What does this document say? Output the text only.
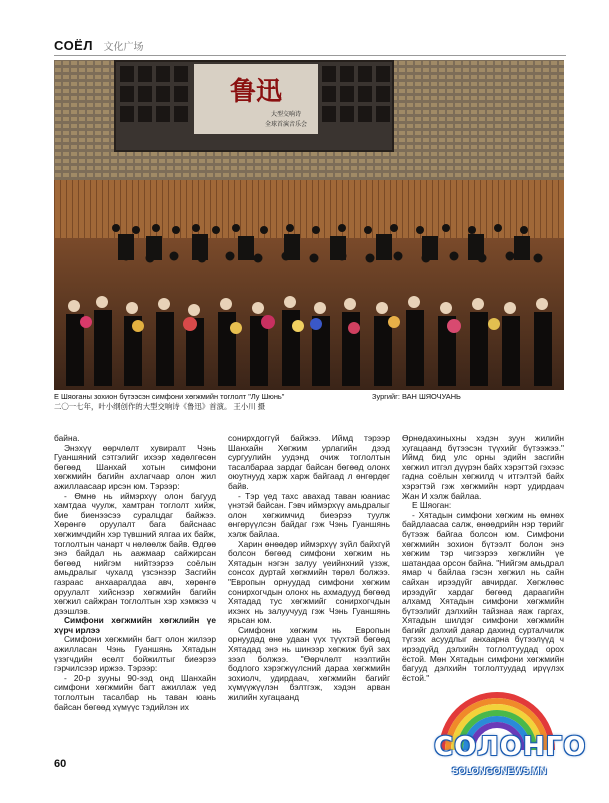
СОЁЛ 文化广场
鲁迅
大型交响诗
全球首演音乐会
Е Шяоганы зохион бүтээсэн симфони хөгжмийн тоглолт "Лу Шюнь"	Зургийг: ВАН ШЯОЧУАНЬ
二〇一七年，叶小纲创作的大型交响诗《鲁迅》首演。 王小川 摄

байна.

Энэхүү өөрчлөлт хувиралт Чэнь Гуаншяний сэтгэлийг ихээр хөдөлгөсөн бөгөөд Шанхай хотын симфони хөгжмийн багийн ахлагчаар олон жил ажиллаасаар ирсэн юм. Тэрээр:

- Өмнө нь иймэрхүү олон багууд хамтдаа чуулж, хамтран тоглолт хийж, бие биенээсээ суралцдаг байжээ. Хөрөнгө оруулалт бага байснаас хөгжимчдийн хэр түвшний ялгаа их байж, тоглолтын чанарт ч нөлөөлж байв. Өдгөө энэ байдал нь аажмаар сайжирсан бөгөөд нийгэм нийтээрээ соёлын амьдралыг чухалд үзсэнээр Засгийн газраас анхааралдаа авч, хөрөнгө оруулалт хийснээр хөгжмийн багийн хөгжил сайжран тоглолтын хэр хэмжээ ч дээшлэв.

Симфони хөгжмийн хөгжлийн үе хүрч ирлээ

Симфони хөгжмийн багт олон жилээр ажилласан Чэнь Гуаншянь Хятадын үзэгчдийн өсөлт бойжилтыг биеэрээ гэрчилсээр иржээ. Тэрээр:

- 20-р зууны 90-ээд онд Шанхайн симфони хөгжмийн багт ажиллаж үед тоглолтын тасалбар нь таван юань байсан бөгөөд хүмүүс тэдийлэн их

сонирхдоггүй байжээ. Иймд тэрээр Шанхайн Хөгжим урлагийн дээд сургуулийн уудэнд очиж тоглолтын тасалбараа зардаг байсан бөгөөд олонх оюутнууд харж харж байгаад л өнгөрдөг байв.

- Тэр үед таxс аваxад таван юаниас үнэтэй байсан. Гэвч иймэрхүү амьдралыг олон хөгжимчид биеэрээ туулж өнгөрүүлсэн байдаг гэж Чэнь Гуаншянь хэлж байлаа.

Харин өнөөдөр иймэрхүү зүйл байхгүй болсон бөгөөд симфони хөгжим нь Хятадын нэгэн залуу үеийнхний үзэж, сонсох дуртай хөгжмийн төрөл болжээ. "Европын орнуудад симфони хөгжим сонирхогчдын олонх нь ахмадууд бөгөөд Хятадад тус хөгжмийг сонирхогчдын ихэнх нь залуучууд гэж Чэнь Гуаншянь ярьсан юм.

Симфони хөгжим нь Европын орнуудад өнө удаан үүх түүхтэй бөгөөд Хятадад энэ нь шинээр хөгжиж буй зах зээл болжээ. "Өөрчлөлт нээлтийн бодлого хэрэгжүүлсний дараа хөгжмийн зохиолч, удирдаач, хөгжмийн багийг хүмүүжүүлэн бэлтгэж, хэдэн арван жилийн хугацаанд

Өрнөдахиныхны хэдэн зуун жилийн хугацаанд бүтээсэн түүхийг бүтээжээ." Иймд бид улс орны эдийн засгийн хөгжил итгэл дүүрэн байх хэрэгтэй гэхээс гадна соёлын хөгжилд ч итгэлтэй байх хэрэгтэй гэж хөгжмийн нэрт удирдаач Жан И хэлж байлаа.

Е Шяоган:

- Хятадын симфони хөгжим нь өмнөх байдлаасаа салж, өнөөдрийн нэр төрийг бүтээж байгаа болсон юм. Симфони хөгжмийн зохион бүтээлт болон энэ хөгжим тэр чигээрээ хөгжлийн үе шатандаа орсон байна. "Нийгэм амьдрал ямар ч байлаа гэсэн хөгжил нь сайн сайхан ирээдүйг авчирдаг. Хөгжлөөс ирээдүйг хардаг бөгөөд дараагийн алхамд Хятадын симфони хөгжмийн бүтээлийг дэлхийн тайзнаа яаж гаргах, Хятадын шилдэг симфони хөгжмийн багийг дэлхий даяар дахинд сурталчилж түгээх асуудлыг анхаарна бүтээлүүд ч ирээдүйд дэлхийн тоглолтуудад орох ёстой. Мөн Хятадын симфони хөгжмийн багууд дэлхийн тоглолтуудад ирүүлэх ёстой."

60
СОЛОНГО
SOLONGONEWS.MN
